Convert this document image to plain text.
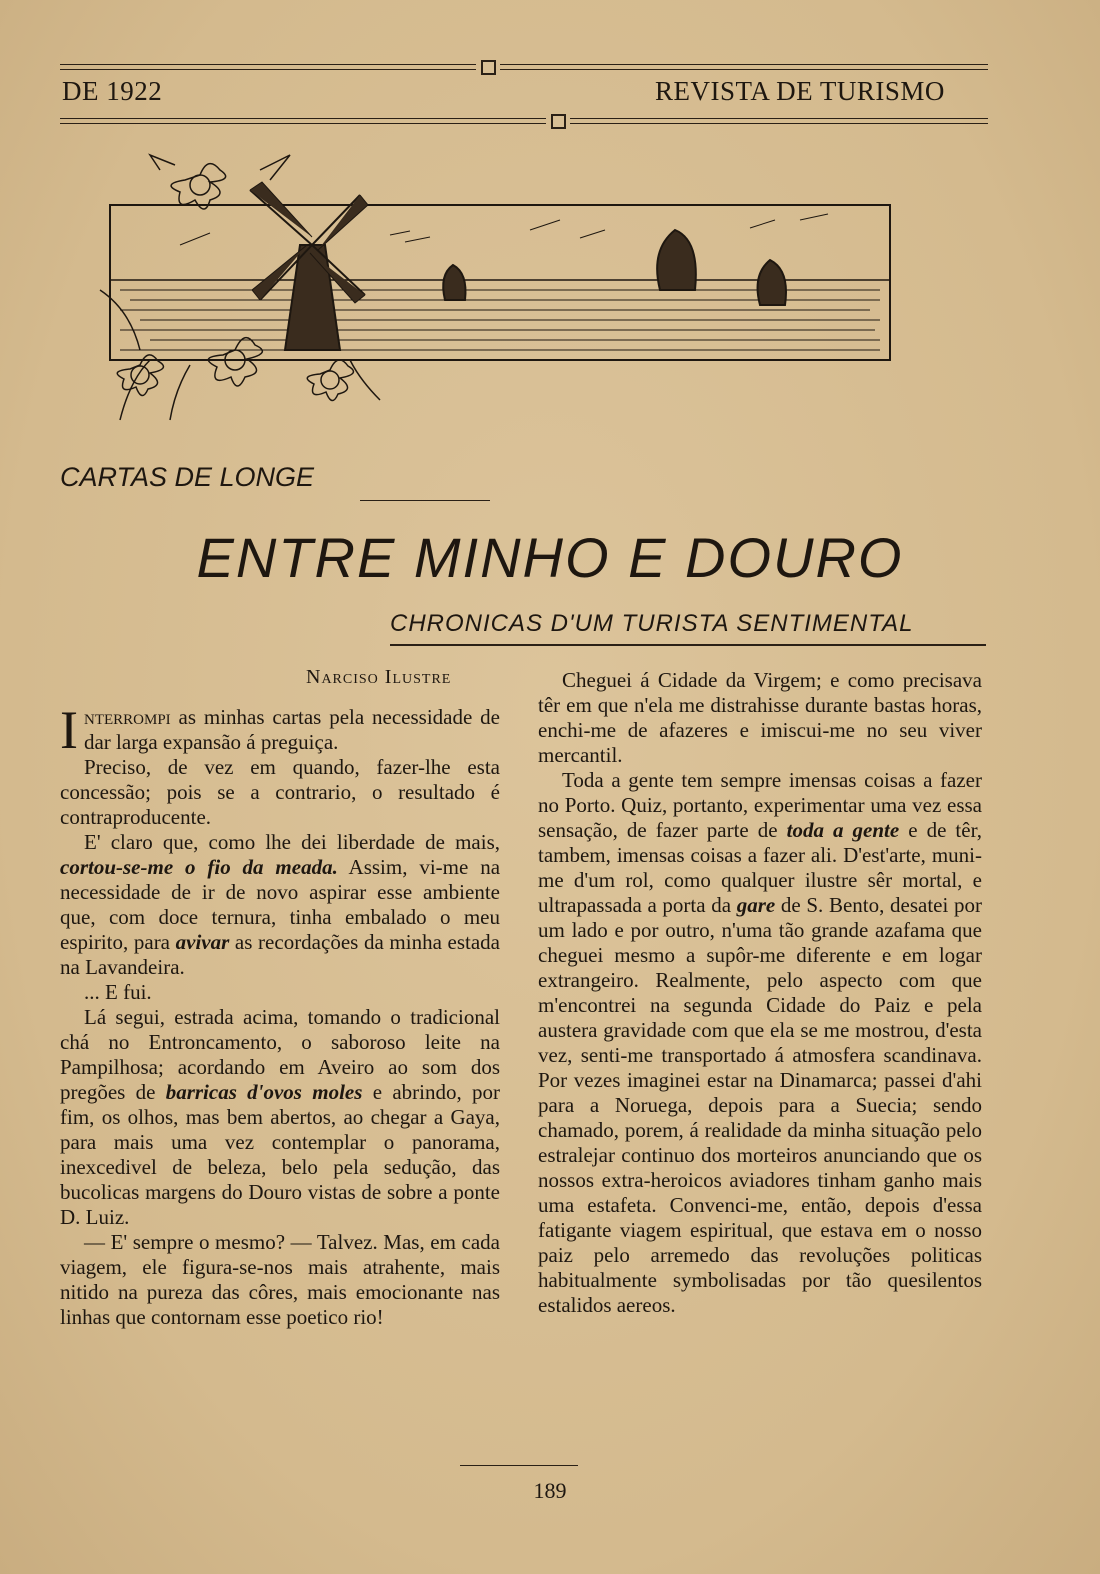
DE 1922	REVISTA DE TURISMO
CARTAS DE LONGE
ENTRE MINHO E DOURO
CHRONICAS D'UM TURISTA SENTIMENTAL
Narciso Ilustre

Interrompi as minhas cartas pela necessidade de dar larga expansão á preguiça.

Preciso, de vez em quando, fazer-lhe esta concessão; pois se a contrario, o resultado é contraproducente.

E' claro que, como lhe dei liberdade de mais, cortou-se-me o fio da meada. Assim, vi-me na necessidade de ir de novo aspirar esse ambiente que, com doce ternura, tinha embalado o meu espirito, para avivar as recordações da minha estada na Lavandeira.

... E fui.

Lá segui, estrada acima, tomando o tradicional chá no Entroncamento, o saboroso leite na Pampilhosa; acordando em Aveiro ao som dos pregões de barricas d'ovos moles e abrindo, por fim, os olhos, mas bem abertos, ao chegar a Gaya, para mais uma vez contemplar o panorama, inexcedivel de beleza, belo pela sedução, das bucolicas margens do Douro vistas de sobre a ponte D. Luiz.

— E' sempre o mesmo? — Talvez. Mas, em cada viagem, ele figura-se-nos mais atrahente, mais nitido na pureza das côres, mais emocionante nas linhas que contornam esse poetico rio!

Cheguei á Cidade da Virgem; e como precisava têr em que n'ela me distrahisse durante bastas horas, enchi-me de afazeres e imiscui-me no seu viver mercantil.

Toda a gente tem sempre imensas coisas a fazer no Porto. Quiz, portanto, experimentar uma vez essa sensação, de fazer parte de toda a gente e de têr, tambem, imensas coisas a fazer ali. D'est'arte, muni-me d'um rol, como qualquer ilustre sêr mortal, e ultrapassada a porta da gare de S. Bento, desatei por um lado e por outro, n'uma tão grande azafama que cheguei mesmo a supôr-me diferente e em logar extrangeiro. Realmente, pelo aspecto com que m'encontrei na segunda Cidade do Paiz e pela austera gravidade com que ela se me mostrou, d'esta vez, senti-me transportado á atmosfera scandinava. Por vezes imaginei estar na Dinamarca; passei d'ahi para a Noruega, depois para a Suecia; sendo chamado, porem, á realidade da minha situação pelo estralejar continuo dos morteiros anunciando que os nossos extra-heroicos aviadores tinham ganho mais uma estafeta. Convenci-me, então, depois d'essa fatigante viagem espiritual, que estava em o nosso paiz pelo arremedo das revoluções politicas habitualmente symbolisadas por tão quesilentos estalidos aereos.

189
